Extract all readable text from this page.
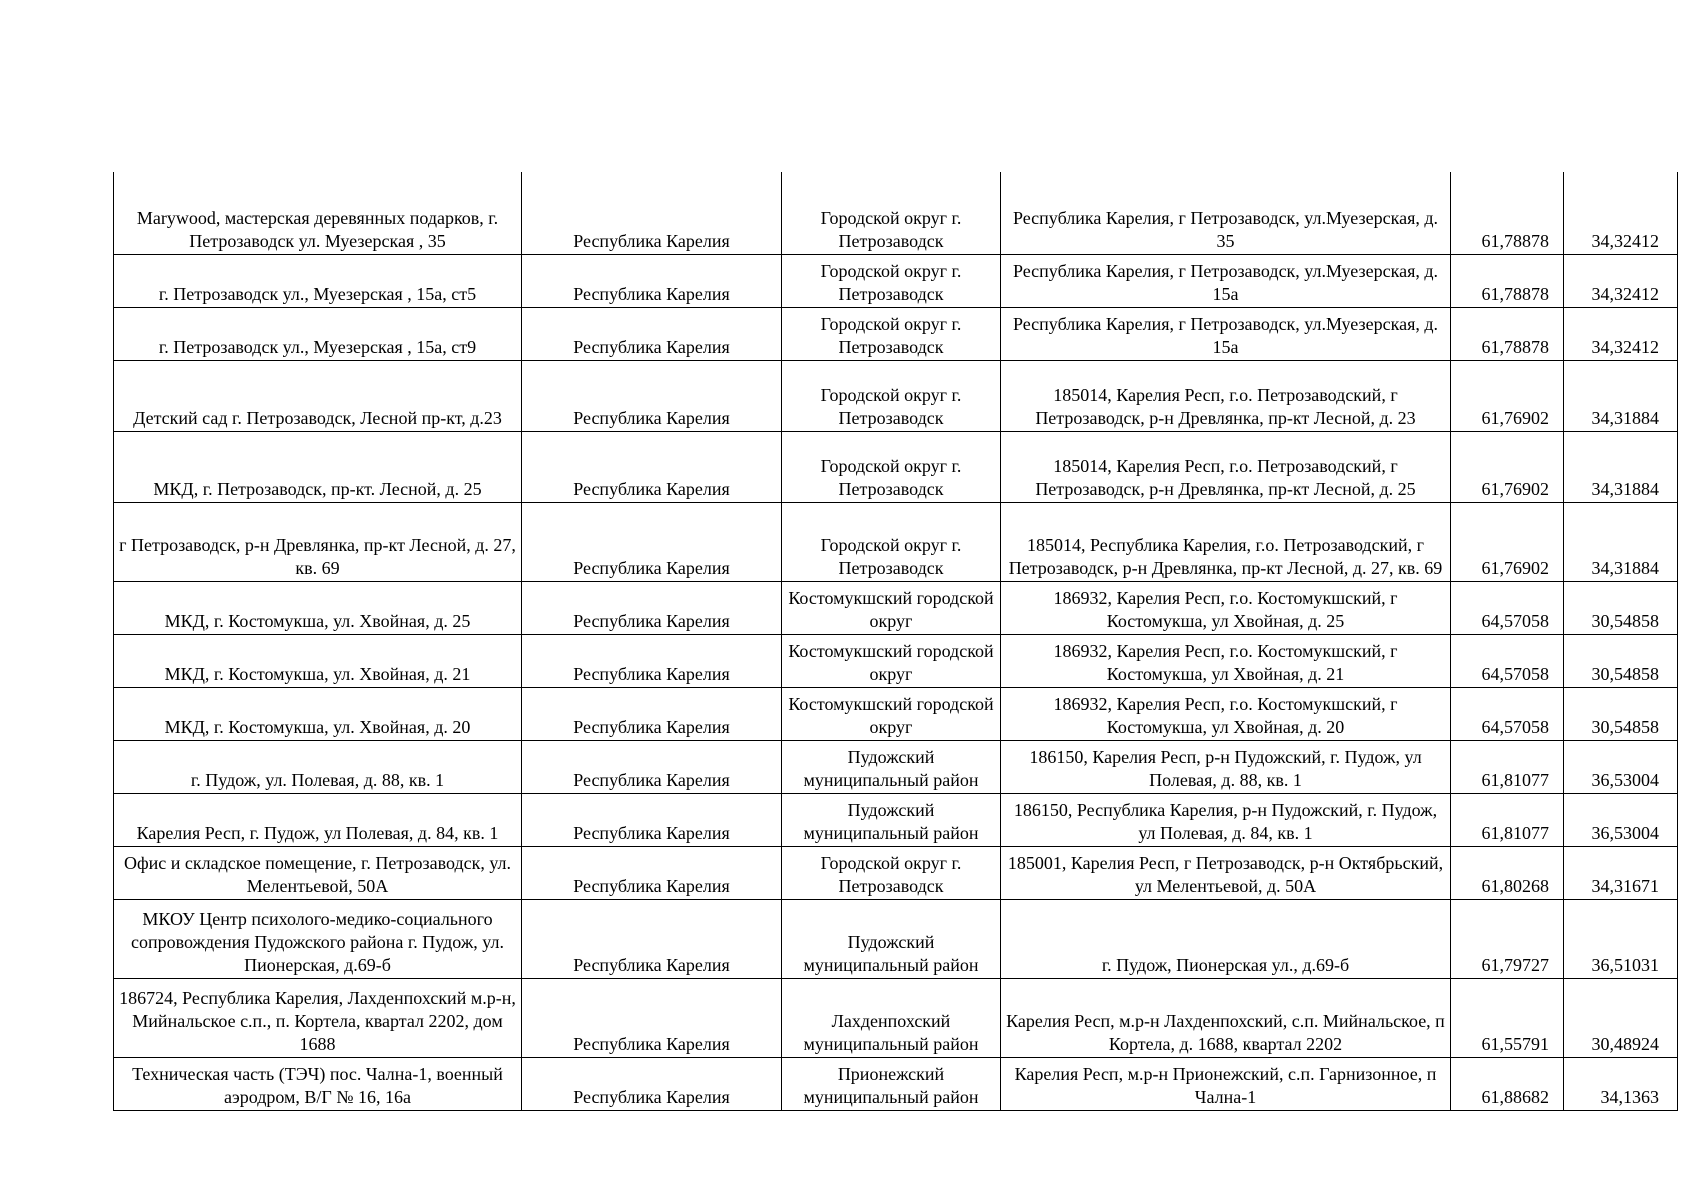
Marywood, мастерская деревянных подарков, г. Петрозаводск ул. Муезерская , 35	Республика Карелия	Городской округ г. Петрозаводск	Республика Карелия, г Петрозаводск, ул.Муезерская, д. 35	61,78878	34,32412
г. Петрозаводск ул., Муезерская , 15а, ст5	Республика Карелия	Городской округ г. Петрозаводск	Республика Карелия, г Петрозаводск, ул.Муезерская, д. 15а	61,78878	34,32412
г. Петрозаводск ул., Муезерская , 15а, ст9	Республика Карелия	Городской округ г. Петрозаводск	Республика Карелия, г Петрозаводск, ул.Муезерская, д. 15а	61,78878	34,32412
Детский сад г. Петрозаводск, Лесной пр-кт, д.23	Республика Карелия	Городской округ г. Петрозаводск	185014, Карелия Респ, г.о. Петрозаводский, г Петрозаводск, р-н Древлянка, пр-кт Лесной, д. 23	61,76902	34,31884
МКД, г. Петрозаводск, пр-кт. Лесной, д. 25	Республика Карелия	Городской округ г. Петрозаводск	185014, Карелия Респ, г.о. Петрозаводский, г Петрозаводск, р-н Древлянка, пр-кт Лесной, д. 25	61,76902	34,31884
г Петрозаводск, р-н Древлянка, пр-кт Лесной, д. 27, кв. 69	Республика Карелия	Городской округ г. Петрозаводск	185014, Республика Карелия, г.о. Петрозаводский, г Петрозаводск, р-н Древлянка, пр-кт Лесной, д. 27, кв. 69	61,76902	34,31884
МКД, г. Костомукша, ул. Хвойная, д. 25	Республика Карелия	Костомукшский городской округ	186932, Карелия Респ, г.о. Костомукшский, г Костомукша, ул Хвойная, д. 25	64,57058	30,54858
МКД, г. Костомукша, ул. Хвойная, д. 21	Республика Карелия	Костомукшский городской округ	186932, Карелия Респ, г.о. Костомукшский, г Костомукша, ул Хвойная, д. 21	64,57058	30,54858
МКД, г. Костомукша, ул. Хвойная, д. 20	Республика Карелия	Костомукшский городской округ	186932, Карелия Респ, г.о. Костомукшский, г Костомукша, ул Хвойная, д. 20	64,57058	30,54858
г. Пудож, ул. Полевая, д. 88, кв. 1	Республика Карелия	Пудожский муниципальный район	186150, Карелия Респ, р-н Пудожский, г. Пудож, ул Полевая, д. 88, кв. 1	61,81077	36,53004
Карелия Респ, г. Пудож, ул Полевая, д. 84, кв. 1	Республика Карелия	Пудожский муниципальный район	186150, Республика Карелия, р-н Пудожский, г. Пудож, ул Полевая, д. 84, кв. 1	61,81077	36,53004
Офис и складское помещение, г. Петрозаводск, ул. Мелентьевой, 50А	Республика Карелия	Городской округ г. Петрозаводск	185001, Карелия Респ, г Петрозаводск, р-н Октябрьский, ул Мелентьевой, д. 50А	61,80268	34,31671
МКОУ Центр психолого-медико-социального сопровождения Пудожского района г. Пудож, ул. Пионерская, д.69-б	Республика Карелия	Пудожский муниципальный район	г. Пудож, Пионерская ул., д.69-б	61,79727	36,51031
186724, Республика Карелия, Лахденпохский м.р-н, Мийнальское с.п., п. Кортела, квартал 2202, дом 1688	Республика Карелия	Лахденпохский муниципальный район	Карелия Респ, м.р-н Лахденпохский, с.п. Мийнальское, п Кортела, д. 1688, квартал 2202	61,55791	30,48924
Техническая часть (ТЭЧ) пос. Чална-1, военный аэродром, В/Г № 16, 16а	Республика Карелия	Прионежский муниципальный район	Карелия Респ, м.р-н Прионежский, с.п. Гарнизонное, п Чална-1	61,88682	34,1363
